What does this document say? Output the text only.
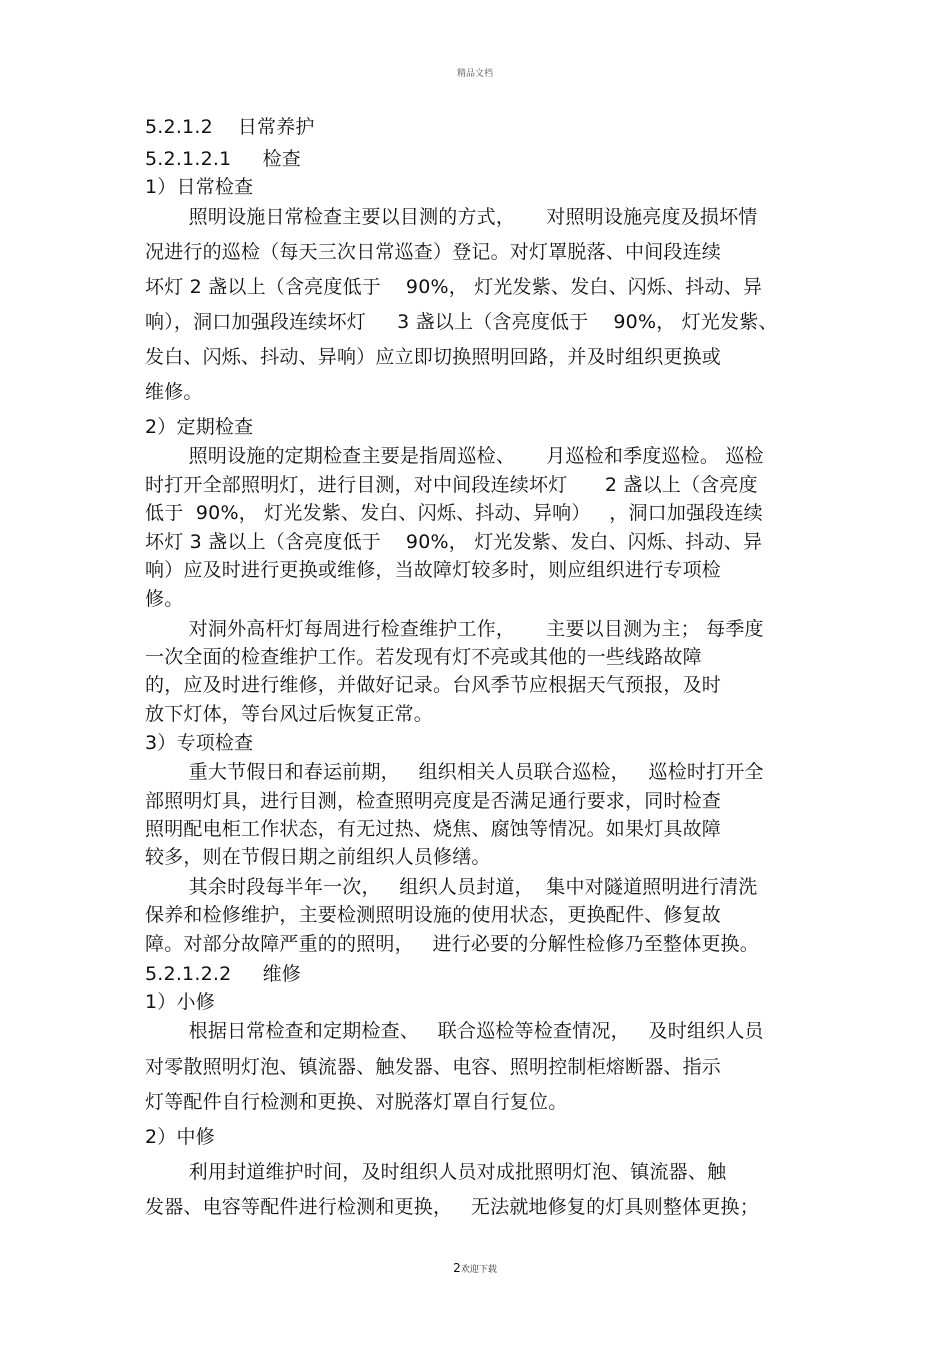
精品文档
5.2.1.2    日常养护
5.2.1.2.1     检查
1）日常检查
照明设施日常检查主要以目测的方式，     对照明设施亮度及损坏情
况进行的巡检（每天三次日常巡查）登记。对灯罩脱落、中间段连续
坏灯 2 盏以上（含亮度低于    90%， 灯光发紫、发白、闪烁、抖动、异
响），洞口加强段连续坏灯     3 盏以上（含亮度低于    90%， 灯光发紫、
发白、闪烁、抖动、异响）应立即切换照明回路，并及时组织更换或
维修。
2）定期检查
照明设施的定期检查主要是指周巡检、     月巡检和季度巡检。 巡检
时打开全部照明灯，进行目测，对中间段连续坏灯      2 盏以上（含亮度
低于  90%， 灯光发紫、发白、闪烁、抖动、异响）   ，洞口加强段连续
坏灯 3 盏以上（含亮度低于    90%， 灯光发紫、发白、闪烁、抖动、异
响）应及时进行更换或维修，当故障灯较多时，则应组织进行专项检
修。
对洞外高杆灯每周进行检查维护工作，     主要以目测为主； 每季度
一次全面的检查维护工作。若发现有灯不亮或其他的一些线路故障
的，应及时进行维修，并做好记录。台风季节应根据天气预报，及时
放下灯体，等台风过后恢复正常。
3）专项检查
重大节假日和春运前期，   组织相关人员联合巡检，   巡检时打开全
部照明灯具，进行目测，检查照明亮度是否满足通行要求，同时检查
照明配电柜工作状态，有无过热、烧焦、腐蚀等情况。如果灯具故障
较多，则在节假日期之前组织人员修缮。
其余时段每半年一次，   组织人员封道，  集中对隧道照明进行清洗
保养和检修维护，主要检测照明设施的使用状态，更换配件、修复故
障。对部分故障严重的的照明，   进行必要的分解性检修乃至整体更换。
5.2.1.2.2     维修
1）小修
根据日常检查和定期检查、   联合巡检等检查情况，   及时组织人员
对零散照明灯泡、镇流器、触发器、电容、照明控制柜熔断器、指示
灯等配件自行检测和更换、对脱落灯罩自行复位。
2）中修
利用封道维护时间，及时组织人员对成批照明灯泡、镇流器、触
发器、电容等配件进行检测和更换，   无法就地修复的灯具则整体更换；
2欢迎下载
